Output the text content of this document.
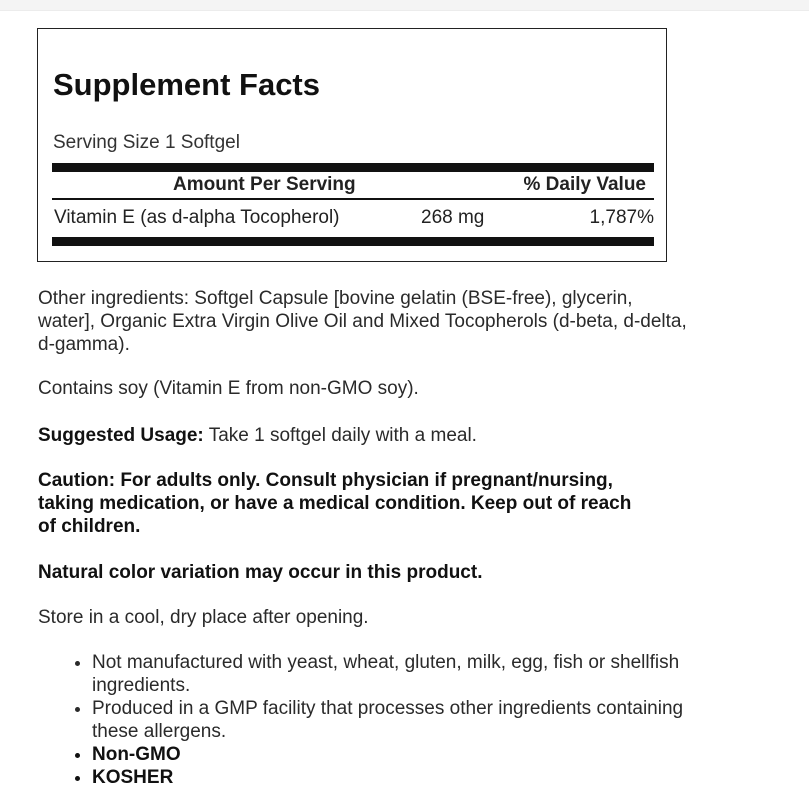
Supplement Facts
Serving Size 1 Softgel
Amount Per Serving	% Daily Value
Vitamin E (as d-alpha Tocopherol)	268 mg	1,787%
Other ingredients: Softgel Capsule [bovine gelatin (BSE-free), glycerin, water], Organic Extra Virgin Olive Oil and Mixed Tocopherols (d-beta, d-delta, d-gamma).
Contains soy (Vitamin E from non-GMO soy).
Suggested Usage: Take 1 softgel daily with a meal.
Caution: For adults only. Consult physician if pregnant/nursing, taking medication, or have a medical condition. Keep out of reach of children.
Natural color variation may occur in this product.
Store in a cool, dry place after opening.
• Not manufactured with yeast, wheat, gluten, milk, egg, fish or shellfish ingredients.
• Produced in a GMP facility that processes other ingredients containing these allergens.
• Non-GMO
• KOSHER
